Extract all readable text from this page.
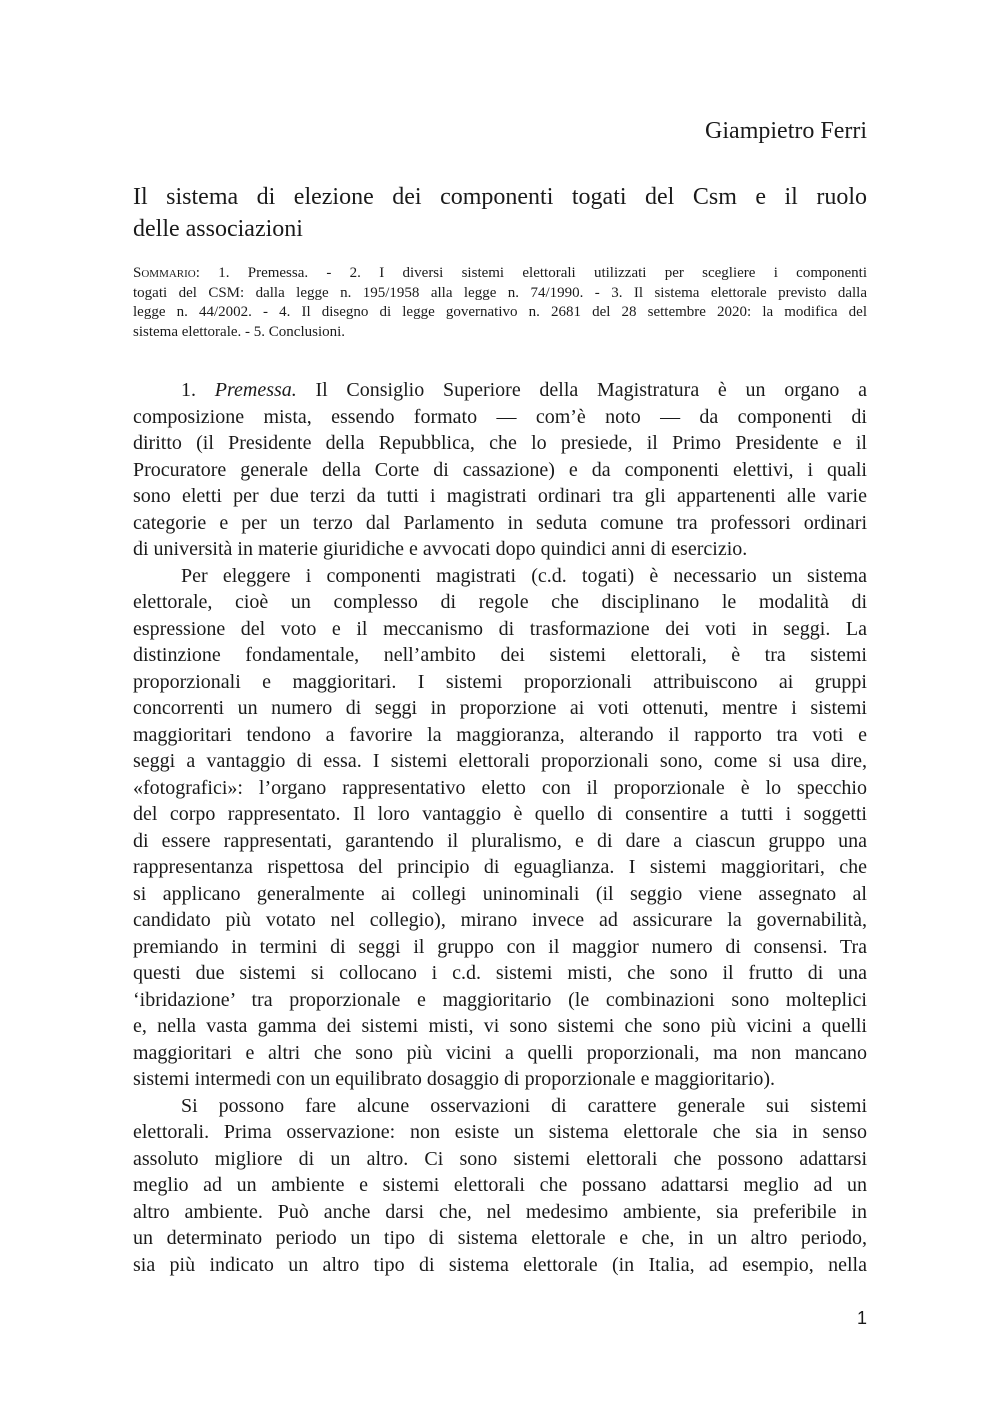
Giampietro Ferri
Il sistema di elezione dei componenti togati del Csm e il ruolo
delle associazioni
Sommario: 1. Premessa. - 2. I diversi sistemi elettorali utilizzati per scegliere i componenti
togati del CSM: dalla legge n. 195/1958 alla legge n. 74/1990. - 3. Il sistema elettorale previsto dalla
legge n. 44/2002. - 4. Il disegno di legge governativo n. 2681 del 28 settembre 2020: la modifica del
sistema elettorale. - 5. Conclusioni.
1. Premessa. Il Consiglio Superiore della Magistratura è un organo a
composizione mista, essendo formato — com’è noto — da componenti di
diritto (il Presidente della Repubblica, che lo presiede, il Primo Presidente e il
Procuratore generale della Corte di cassazione) e da componenti elettivi, i quali
sono eletti per due terzi da tutti i magistrati ordinari tra gli appartenenti alle varie
categorie e per un terzo dal Parlamento in seduta comune tra professori ordinari
di università in materie giuridiche e avvocati dopo quindici anni di esercizio.
Per eleggere i componenti magistrati (c.d. togati) è necessario un sistema
elettorale, cioè un complesso di regole che disciplinano le modalità di
espressione del voto e il meccanismo di trasformazione dei voti in seggi. La
distinzione fondamentale, nell’ambito dei sistemi elettorali, è tra sistemi
proporzionali e maggioritari. I sistemi proporzionali attribuiscono ai gruppi
concorrenti un numero di seggi in proporzione ai voti ottenuti, mentre i sistemi
maggioritari tendono a favorire la maggioranza, alterando il rapporto tra voti e
seggi a vantaggio di essa. I sistemi elettorali proporzionali sono, come si usa dire,
«fotografici»: l’organo rappresentativo eletto con il proporzionale è lo specchio
del corpo rappresentato. Il loro vantaggio è quello di consentire a tutti i soggetti
di essere rappresentati, garantendo il pluralismo, e di dare a ciascun gruppo una
rappresentanza rispettosa del principio di eguaglianza. I sistemi maggioritari, che
si applicano generalmente ai collegi uninominali (il seggio viene assegnato al
candidato più votato nel collegio), mirano invece ad assicurare la governabilità,
premiando in termini di seggi il gruppo con il maggior numero di consensi. Tra
questi due sistemi si collocano i c.d. sistemi misti, che sono il frutto di una
‘ibridazione’ tra proporzionale e maggioritario (le combinazioni sono molteplici
e, nella vasta gamma dei sistemi misti, vi sono sistemi che sono più vicini a quelli
maggioritari e altri che sono più vicini a quelli proporzionali, ma non mancano
sistemi intermedi con un equilibrato dosaggio di proporzionale e maggioritario).
Si possono fare alcune osservazioni di carattere generale sui sistemi
elettorali. Prima osservazione: non esiste un sistema elettorale che sia in senso
assoluto migliore di un altro. Ci sono sistemi elettorali che possono adattarsi
meglio ad un ambiente e sistemi elettorali che possano adattarsi meglio ad un
altro ambiente. Può anche darsi che, nel medesimo ambiente, sia preferibile in
un determinato periodo un tipo di sistema elettorale e che, in un altro periodo,
sia più indicato un altro tipo di sistema elettorale (in Italia, ad esempio, nella
1
